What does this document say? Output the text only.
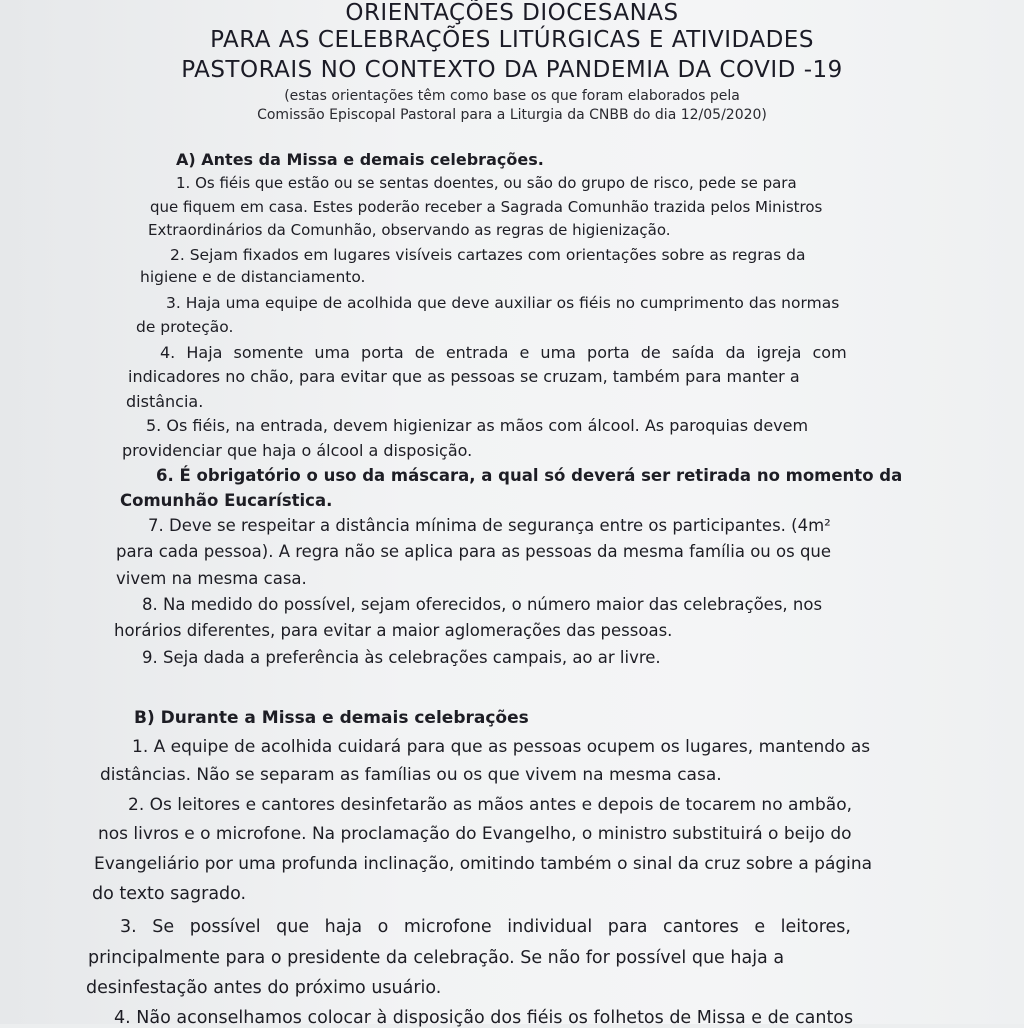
ORIENTAÇÕES DIOCESANAS
PARA AS CELEBRAÇÕES LITÚRGICAS E ATIVIDADES
PASTORAIS NO CONTEXTO DA PANDEMIA DA COVID -19
(estas orientações têm como base os que foram elaborados pela
Comissão Episcopal Pastoral para a Liturgia da CNBB do dia 12/05/2020)
A) Antes da Missa e demais celebrações.
1. Os fiéis que estão ou se sentas doentes, ou são do grupo de risco, pede se para
que fiquem em casa. Estes poderão receber a Sagrada Comunhão trazida pelos Ministros
Extraordinários da Comunhão, observando as regras de higienização.
2. Sejam fixados em lugares visíveis cartazes com orientações sobre as regras da
higiene e de distanciamento.
3. Haja uma equipe de acolhida que deve auxiliar os fiéis no cumprimento das normas
de proteção.
4. Haja somente uma porta de entrada e uma porta de saída da igreja com
indicadores no chão, para evitar que as pessoas se cruzam, também para manter a
distância.
5. Os fiéis, na entrada, devem higienizar as mãos com álcool. As paroquias devem
providenciar que haja o álcool a disposição.
6. É obrigatório o uso da máscara, a qual só deverá ser retirada no momento da
Comunhão Eucarística.
7. Deve se respeitar a distância mínima de segurança entre os participantes. (4m²
para cada pessoa). A regra não se aplica para as pessoas da mesma família ou os que
vivem na mesma casa.
8. Na medido do possível, sejam oferecidos, o número maior das celebrações, nos
horários diferentes, para evitar a maior aglomerações das pessoas.
9. Seja dada a preferência às celebrações campais, ao ar livre.
B) Durante a Missa e demais celebrações
1. A equipe de acolhida cuidará para que as pessoas ocupem os lugares, mantendo as
distâncias. Não se separam as famílias ou os que vivem na mesma casa.
2. Os leitores e cantores desinfetarão as mãos antes e depois de tocarem no ambão,
nos livros e o microfone. Na proclamação do Evangelho, o ministro substituirá o beijo do
Evangeliário por uma profunda inclinação, omitindo também o sinal da cruz sobre a página
do texto sagrado.
3. Se possível que haja o microfone individual para cantores e leitores,
principalmente para o presidente da celebração. Se não for possível que haja a
desinfestação antes do próximo usuário.
4. Não aconselhamos colocar à disposição dos fiéis os folhetos de Missa e de cantos
